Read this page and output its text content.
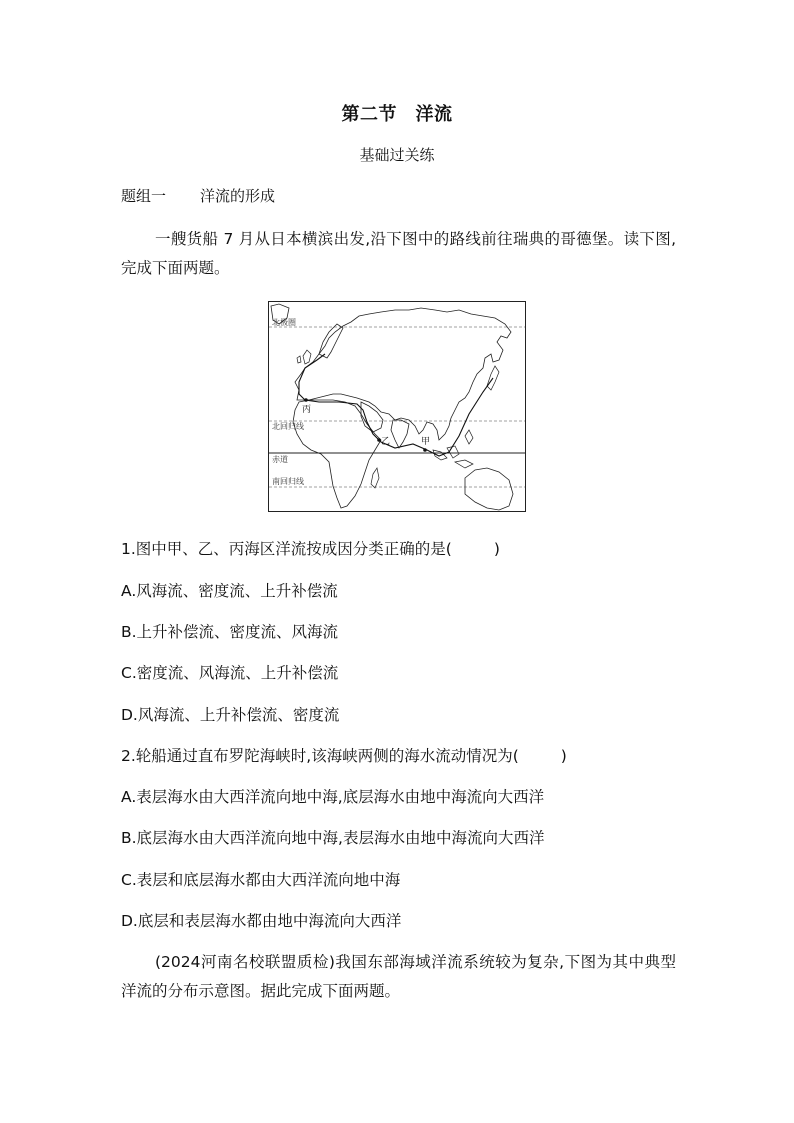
第二节　洋流
基础过关练
题组一 洋流的形成
一艘货船 7 月从日本横滨出发,沿下图中的路线前往瑞典的哥德堡。读下图,完成下面两题。
丙
乙	甲
北极圈
北回归线
赤道
南回归线
1.图中甲、乙、丙海区洋流按成因分类正确的是(	)
A.风海流、密度流、上升补偿流
B.上升补偿流、密度流、风海流
C.密度流、风海流、上升补偿流
D.风海流、上升补偿流、密度流
2.轮船通过直布罗陀海峡时,该海峡两侧的海水流动情况为(	)
A.表层海水由大西洋流向地中海,底层海水由地中海流向大西洋
B.底层海水由大西洋流向地中海,表层海水由地中海流向大西洋
C.表层和底层海水都由大西洋流向地中海
D.底层和表层海水都由地中海流向大西洋
(2024河南名校联盟质检)我国东部海域洋流系统较为复杂,下图为其中典型洋流的分布示意图。据此完成下面两题。
